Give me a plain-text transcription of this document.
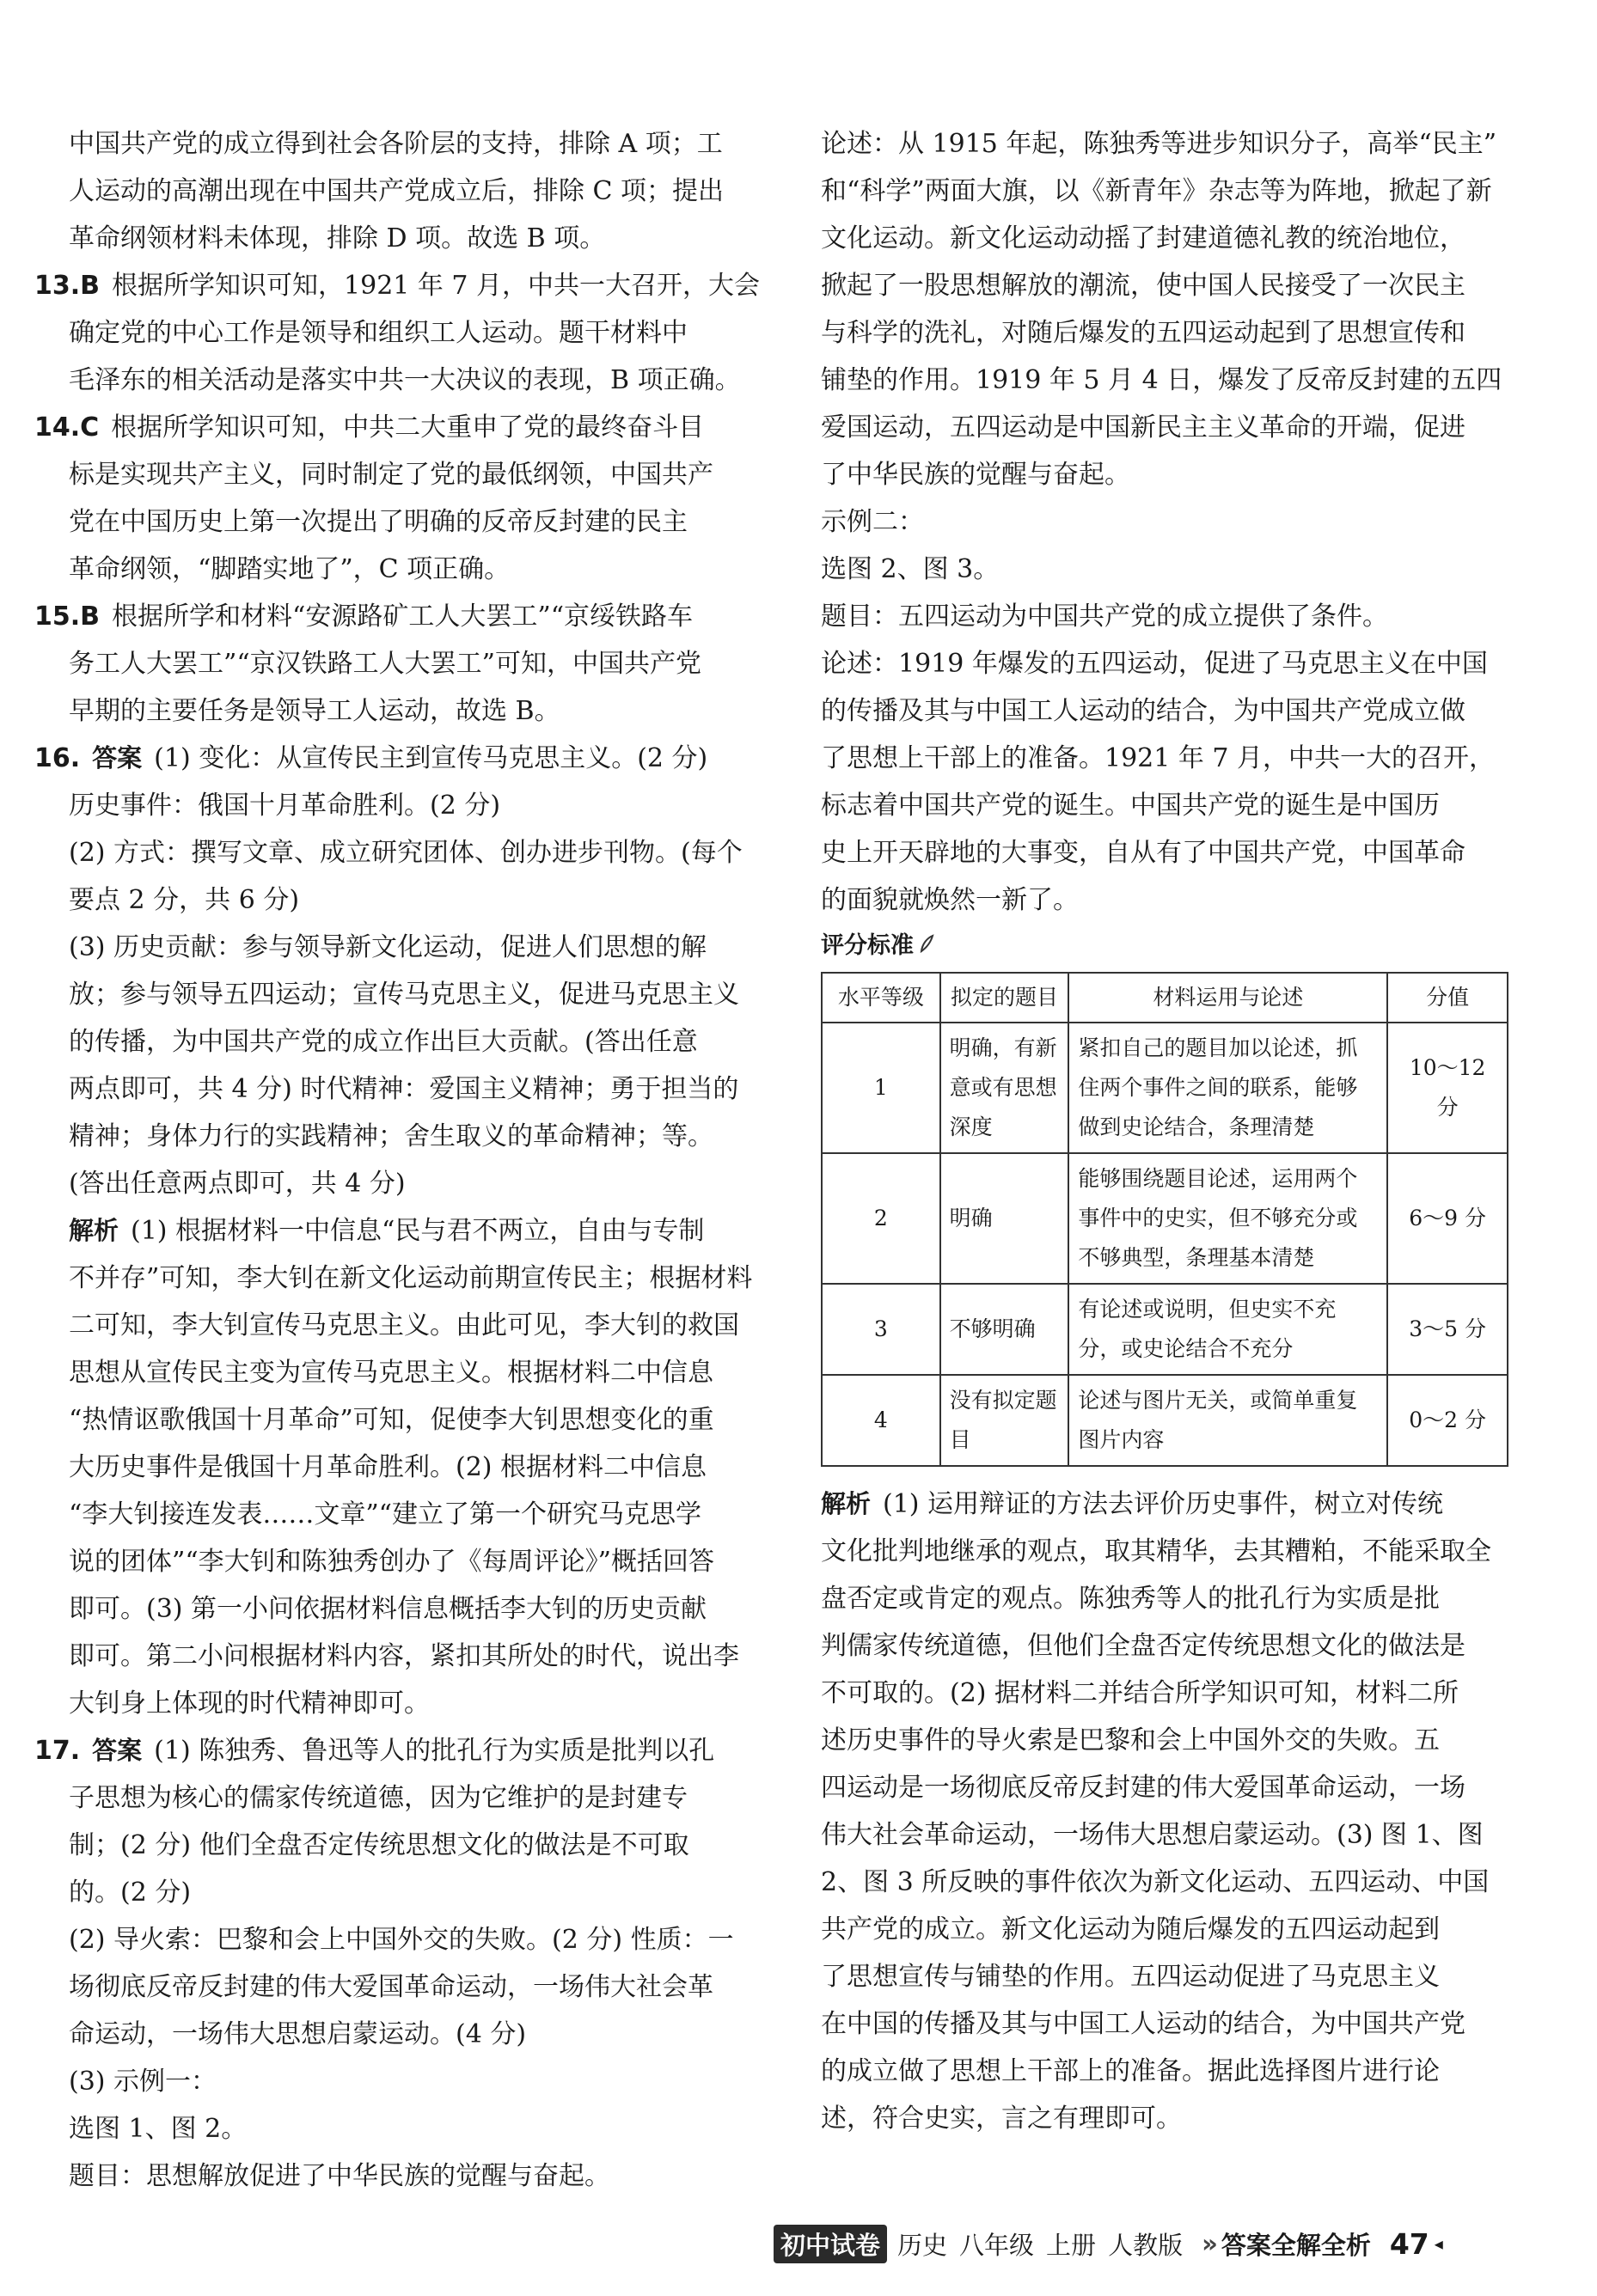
中国共产党的成立得到社会各阶层的支持，排除 A 项；工

人运动的高潮出现在中国共产党成立后，排除 C 项；提出

革命纲领材料未体现，排除 D 项。故选 B 项。

13.B 根据所学知识可知，1921 年 7 月，中共一大召开，大会

确定党的中心工作是领导和组织工人运动。题干材料中

毛泽东的相关活动是落实中共一大决议的表现，B 项正确。

14.C 根据所学知识可知，中共二大重申了党的最终奋斗目

标是实现共产主义，同时制定了党的最低纲领，中国共产

党在中国历史上第一次提出了明确的反帝反封建的民主

革命纲领，“脚踏实地了”，C 项正确。

15.B 根据所学和材料“安源路矿工人大罢工”“京绥铁路车

务工人大罢工”“京汉铁路工人大罢工”可知，中国共产党

早期的主要任务是领导工人运动，故选 B。

16. 答案 (1) 变化：从宣传民主到宣传马克思主义。(2 分)

历史事件：俄国十月革命胜利。(2 分)

(2) 方式：撰写文章、成立研究团体、创办进步刊物。(每个

要点 2 分，共 6 分)

(3) 历史贡献：参与领导新文化运动，促进人们思想的解

放；参与领导五四运动；宣传马克思主义，促进马克思主义

的传播，为中国共产党的成立作出巨大贡献。(答出任意

两点即可，共 4 分) 时代精神：爱国主义精神；勇于担当的

精神；身体力行的实践精神；舍生取义的革命精神；等。

(答出任意两点即可，共 4 分)

解析 (1) 根据材料一中信息“民与君不两立，自由与专制

不并存”可知，李大钊在新文化运动前期宣传民主；根据材料

二可知，李大钊宣传马克思主义。由此可见，李大钊的救国

思想从宣传民主变为宣传马克思主义。根据材料二中信息

“热情讴歌俄国十月革命”可知，促使李大钊思想变化的重

大历史事件是俄国十月革命胜利。(2) 根据材料二中信息

“李大钊接连发表……文章”“建立了第一个研究马克思学

说的团体”“李大钊和陈独秀创办了《每周评论》”概括回答

即可。(3) 第一小问依据材料信息概括李大钊的历史贡献

即可。第二小问根据材料内容，紧扣其所处的时代，说出李

大钊身上体现的时代精神即可。

17. 答案 (1) 陈独秀、鲁迅等人的批孔行为实质是批判以孔

子思想为核心的儒家传统道德，因为它维护的是封建专

制；(2 分) 他们全盘否定传统思想文化的做法是不可取

的。(2 分)

(2) 导火索：巴黎和会上中国外交的失败。(2 分) 性质：一

场彻底反帝反封建的伟大爱国革命运动，一场伟大社会革

命运动，一场伟大思想启蒙运动。(4 分)

(3) 示例一：

选图 1、图 2。

题目：思想解放促进了中华民族的觉醒与奋起。

论述：从 1915 年起，陈独秀等进步知识分子，高举“民主”

和“科学”两面大旗，以《新青年》杂志等为阵地，掀起了新

文化运动。新文化运动动摇了封建道德礼教的统治地位，

掀起了一股思想解放的潮流，使中国人民接受了一次民主

与科学的洗礼，对随后爆发的五四运动起到了思想宣传和

铺垫的作用。1919 年 5 月 4 日，爆发了反帝反封建的五四

爱国运动，五四运动是中国新民主主义革命的开端，促进

了中华民族的觉醒与奋起。

示例二：

选图 2、图 3。

题目：五四运动为中国共产党的成立提供了条件。

论述：1919 年爆发的五四运动，促进了马克思主义在中国

的传播及其与中国工人运动的结合，为中国共产党成立做

了思想上干部上的准备。1921 年 7 月，中共一大的召开，

标志着中国共产党的诞生。中国共产党的诞生是中国历

史上开天辟地的大事变，自从有了中国共产党，中国革命

的面貌就焕然一新了。

评分标准
水平等级	拟定的题目	材料运用与论述	分值
1	明确，有新意或有思想深度	紧扣自己的题目加以论述，抓住两个事件之间的联系，能够做到史论结合，条理清楚	10～12 分
2	明确	能够围绕题目论述，运用两个事件中的史实，但不够充分或不够典型，条理基本清楚	6～9 分
3	不够明确	有论述或说明，但史实不充分，或史论结合不充分	3～5 分
4	没有拟定题目	论述与图片无关，或简单重复图片内容	0～2 分

解析 (1) 运用辩证的方法去评价历史事件，树立对传统

文化批判地继承的观点，取其精华，去其糟粕，不能采取全

盘否定或肯定的观点。陈独秀等人的批孔行为实质是批

判儒家传统道德，但他们全盘否定传统思想文化的做法是

不可取的。(2) 据材料二并结合所学知识可知，材料二所

述历史事件的导火索是巴黎和会上中国外交的失败。五

四运动是一场彻底反帝反封建的伟大爱国革命运动，一场

伟大社会革命运动，一场伟大思想启蒙运动。(3) 图 1、图

2、图 3 所反映的事件依次为新文化运动、五四运动、中国

共产党的成立。新文化运动为随后爆发的五四运动起到

了思想宣传与铺垫的作用。五四运动促进了马克思主义

在中国的传播及其与中国工人运动的结合，为中国共产党

的成立做了思想上干部上的准备。据此选择图片进行论

述，符合史实，言之有理即可。

初中试卷 历史 八年级 上册 人教版 » 答案全解全析 47 ◂
